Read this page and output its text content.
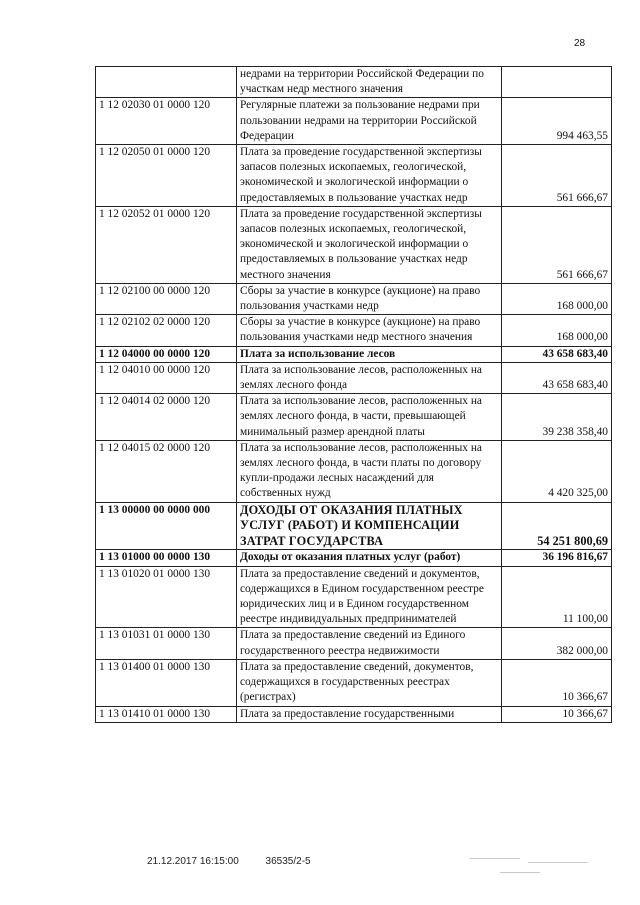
28
	недрами на территории Российской Федерации по участкам недр местного значения	
1 12 02030 01 0000 120	Регулярные платежи за пользование недрами при пользовании недрами на территории Российской Федерации	994 463,55
1 12 02050 01 0000 120	Плата за проведение государственной экспертизы запасов полезных ископаемых, геологической, экономической и экологической информации о предоставляемых в пользование участках недр	561 666,67
1 12 02052 01 0000 120	Плата за проведение государственной экспертизы запасов полезных ископаемых, геологической, экономической и экологической информации о предоставляемых в пользование участках недр местного значения	561 666,67
1 12 02100 00 0000 120	Сборы за участие в конкурсе (аукционе) на право пользования участками недр	168 000,00
1 12 02102 02 0000 120	Сборы за участие в конкурсе (аукционе) на право пользования участками недр местного значения	168 000,00
1 12 04000 00 0000 120	Плата за использование лесов	43 658 683,40
1 12 04010 00 0000 120	Плата за использование лесов, расположенных на землях лесного фонда	43 658 683,40
1 12 04014 02 0000 120	Плата за использование лесов, расположенных на землях лесного фонда, в части, превышающей минимальный размер арендной платы	39 238 358,40
1 12 04015 02 0000 120	Плата за использование лесов, расположенных на землях лесного фонда, в части платы по договору купли-продажи лесных насаждений для собственных нужд	4 420 325,00
1 13 00000 00 0000 000	ДОХОДЫ ОТ ОКАЗАНИЯ ПЛАТНЫХ УСЛУГ (РАБОТ) И КОМПЕНСАЦИИ ЗАТРАТ ГОСУДАРСТВА	54 251 800,69
1 13 01000 00 0000 130	Доходы от оказания платных услуг (работ)	36 196 816,67
1 13 01020 01 0000 130	Плата за предоставление сведений и документов, содержащихся в Едином государственном реестре юридических лиц и в Едином государственном реестре индивидуальных предпринимателей	11 100,00
1 13 01031 01 0000 130	Плата за предоставление сведений из Единого государственного реестра недвижимости	382 000,00
1 13 01400 01 0000 130	Плата за предоставление сведений, документов, содержащихся в государственных реестрах (регистрах)	10 366,67
1 13 01410 01 0000 130	Плата за предоставление государственными	10 366,67
21.12.2017 16:15:00	36535/2-5
